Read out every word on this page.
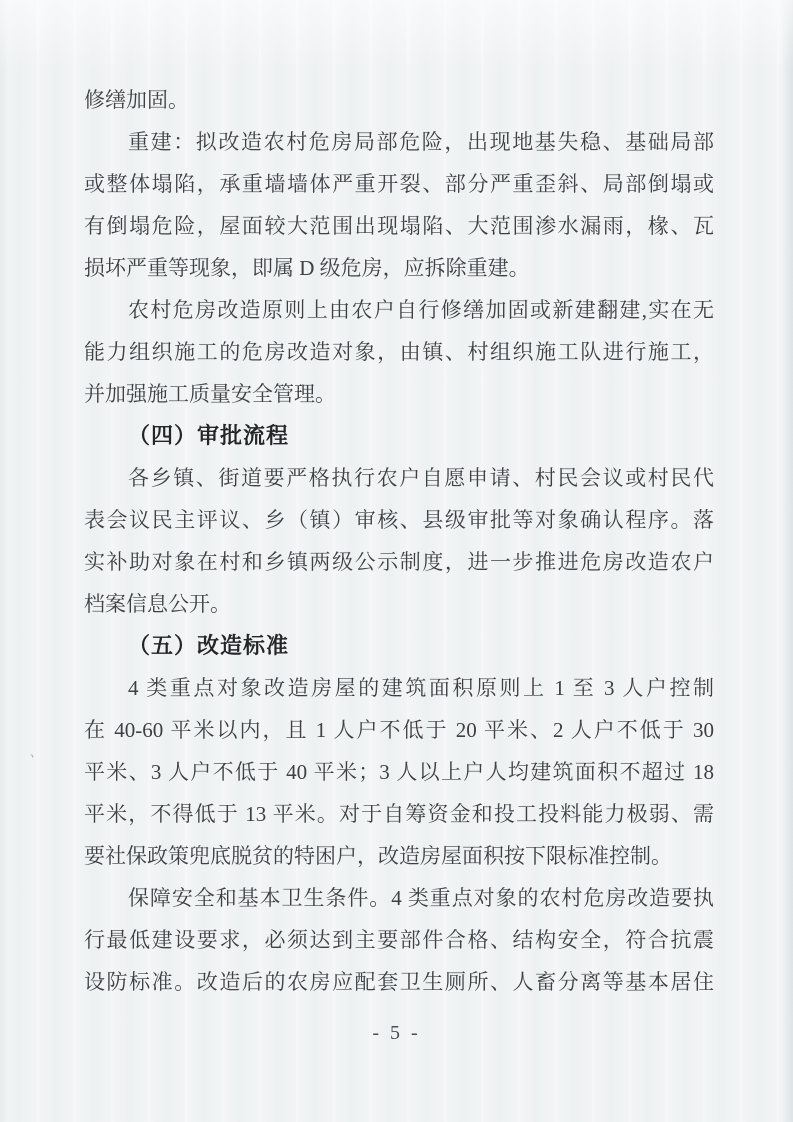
修缮加固。
重建：拟改造农村危房局部危险，出现地基失稳、基础局部
或整体塌陷，承重墙墙体严重开裂、部分严重歪斜、局部倒塌或
有倒塌危险，屋面较大范围出现塌陷、大范围渗水漏雨，椽、瓦
损坏严重等现象，即属 D 级危房，应拆除重建。
农村危房改造原则上由农户自行修缮加固或新建翻建,实在无
能力组织施工的危房改造对象，由镇、村组织施工队进行施工，
并加强施工质量安全管理。
（四）审批流程
各乡镇、街道要严格执行农户自愿申请、村民会议或村民代
表会议民主评议、乡（镇）审核、县级审批等对象确认程序。落
实补助对象在村和乡镇两级公示制度，进一步推进危房改造农户
档案信息公开。
（五）改造标准
4 类重点对象改造房屋的建筑面积原则上 1 至 3 人户控制
在 40-60 平米以内，且 1 人户不低于 20 平米、2 人户不低于 30
平米、3 人户不低于 40 平米；3 人以上户人均建筑面积不超过 18
平米，不得低于 13 平米。对于自筹资金和投工投料能力极弱、需
要社保政策兜底脱贫的特困户，改造房屋面积按下限标准控制。
保障安全和基本卫生条件。4 类重点对象的农村危房改造要执
行最低建设要求，必须达到主要部件合格、结构安全，符合抗震
设防标准。改造后的农房应配套卫生厕所、人畜分离等基本居住
- 5 -
、
